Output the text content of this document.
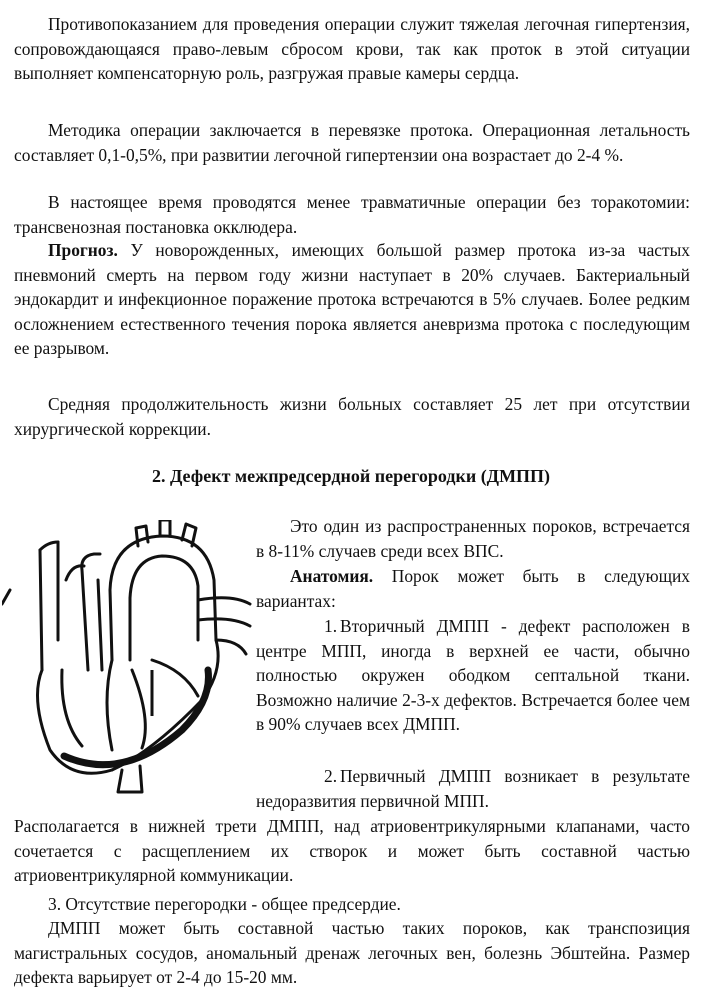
Противопоказанием для проведения операции служит тяжелая легочная гипертензия, сопровождающаяся право-левым сбросом крови, так как проток в этой ситуации выполняет компенсаторную роль, разгружая правые камеры сердца.

Методика операции заключается в перевязке протока. Операционная летальность составляет 0,1-0,5%, при развитии легочной гипертензии она возрастает до 2-4 %.

В настоящее время проводятся менее травматичные операции без торакотомии: трансвенозная постановка окклюдера.

Прогноз. У новорожденных, имеющих большой размер протока из-за частых пневмоний смерть на первом году жизни наступает в 20% случаев. Бактериальный эндокардит и инфекционное поражение протока встречаются в 5% случаев. Более редким осложнением естественного течения порока является аневризма протока с последующим ее разрывом.

Средняя продолжительность жизни больных составляет 25 лет при отсутствии хирургической коррекции.

2. Дефект межпредсердной перегородки (ДМПП)

Это один из распространенных пороков, встречается в 8-11% случаев среди всех ВПС.

Анатомия. Порок может быть в следующих вариантах:

1. Вторичный ДМПП - дефект расположен в центре МПП, иногда в верхней ее части, обычно полностью окружен ободком септальной ткани. Возможно наличие 2-3-х дефектов. Встречается более чем в 90% случаев всех ДМПП.

2. Первичный ДМПП возникает в результате недоразвития первичной МПП.

Располагается в нижней трети ДМПП, над атриовентрикулярными клапанами, часто сочетается с расщеплением их створок и может быть составной частью атриовентрикулярной коммуникации.

3. Отсутствие перегородки - общее предсердие.

ДМПП может быть составной частью таких пороков, как транспозиция магистральных сосудов, аномальный дренаж легочных вен, болезнь Эбштейна. Размер дефекта варьирует от 2-4 до 15-20 мм.
